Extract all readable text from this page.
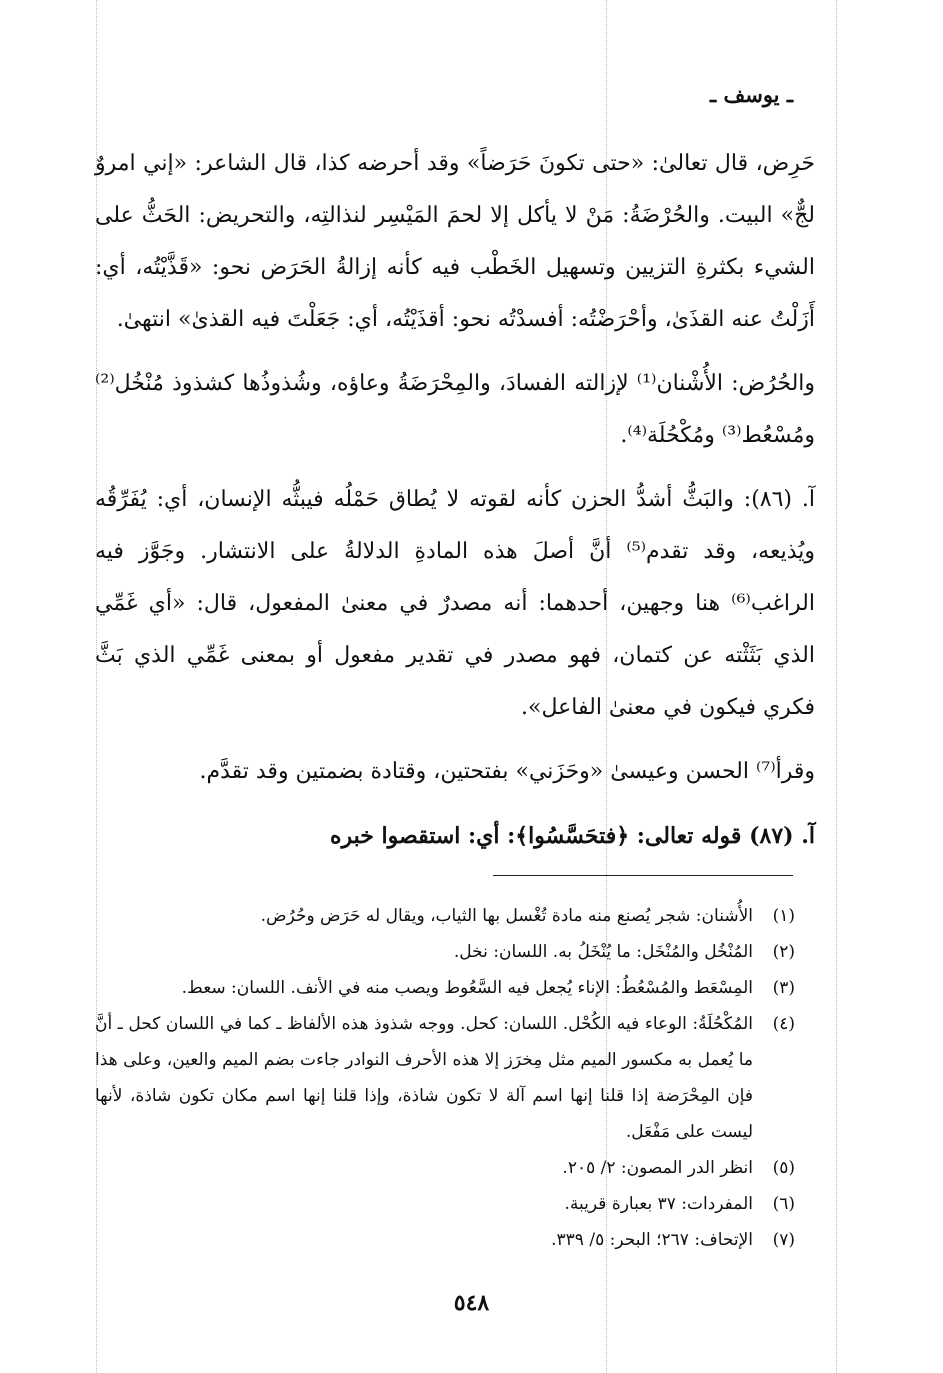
ـ يوسف ـ

حَرِض، قال تعالىٰ: «حتى تكونَ حَرَضاً» وقد أحرضه كذا، قال الشاعر: «إني امروٌ لجٌّ» البيت. والحُرْضَةُ: مَنْ لا يأكل إلا لحمَ المَيْسِر لنذالتِه، والتحريض: الحَثُّ على الشيء بكثرةِ التزيين وتسهيل الخَطْب فيه كأنه إزالةُ الحَرَض نحو: «قَذَّيْتُه، أي: أَزَلْتُ عنه القذَىٰ، وأحْرَضْتُه: أفسدْتُه نحو: أقذَيْتُه، أي: جَعَلْتَ فيه القذىٰ» انتهىٰ.

والحُرُض: الأُشْنان⁽¹⁾ لإزالته الفسادَ، والمِحْرَضَةُ وعاؤه، وشُذوذُها كشذوذ مُنْخُل⁽²⁾ ومُسْعُط⁽³⁾ ومُكْحُلَة⁽⁴⁾.

آ. (٨٦): والبَثُّ أشدُّ الحزن كأنه لقوته لا يُطاق حَمْلُه فيبثُّه الإنسان، أي: يُفَرِّقُه ويُذيعه، وقد تقدم⁽⁵⁾ أنَّ أصلَ هذه المادةِ الدلالةُ على الانتشار. وجَوَّز فيه الراغب⁽⁶⁾ هنا وجهين، أحدهما: أنه مصدرٌ في معنىٰ المفعول، قال: «أي غَمِّي الذي بَثَثْته عن كتمان، فهو مصدر في تقدير مفعول أو بمعنى غَمِّي الذي بَثَّ فكري فيكون في معنىٰ الفاعل».

وقرأ⁽⁷⁾ الحسن وعيسىٰ «وحَزَني» بفتحتين، وقتادة بضمتين وقد تقدَّم.

آ. (٨٧) قوله تعالى: ﴿فتحَسَّسُوا﴾: أي: استقصوا خبره

(١)
الأُشنان: شجر يُصنع منه مادة تُغْسل بها الثياب، ويقال له حَرَض وحُرُض.
(٢)
المُنْخُل والمُنْخَل: ما يُنْخَلُ به. اللسان: نخل.
(٣)
المِسْعَط والمُسْعُطُ: الإناء يُجعل فيه السَّعُوط ويصب منه في الأنف. اللسان: سعط.
(٤)
المُكْحُلَةُ: الوعاء فيه الكُحْل. اللسان: كحل. ووجه شذوذ هذه الألفاظ ـ كما في اللسان كحل ـ أنَّ ما يُعمل به مكسور الميم مثل مِخرَز إلا هذه الأحرف النوادر جاءت بضم الميم والعين، وعلى هذا فإن المِحْرَضة إذا قلنا إنها اسم آلة لا تكون شاذة، وإذا قلنا إنها اسم مكان تكون شاذة، لأنها ليست على مَفْعَل.
(٥)
انظر الدر المصون: ٢/ ٢٠٥.
(٦)
المفردات: ٣٧ بعبارة قريبة.
(٧)
الإتحاف: ٢٦٧؛ البحر: ٥/ ٣٣٩.
٥٤٨
